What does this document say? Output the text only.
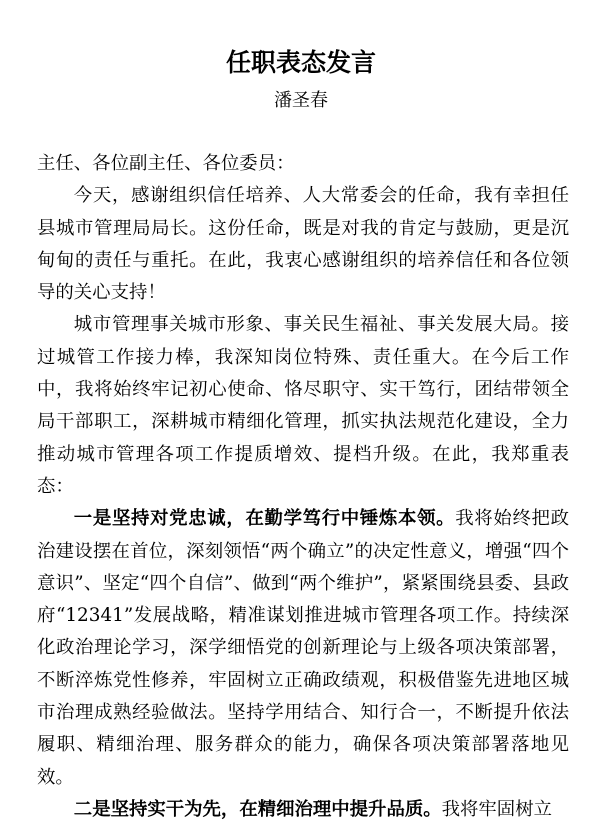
任职表态发言
潘圣春

主任、各位副主任、各位委员：

今天，感谢组织信任培养、人大常委会的任命，我有幸担任县城市管理局局长。这份任命，既是对我的肯定与鼓励，更是沉甸甸的责任与重托。在此，我衷心感谢组织的培养信任和各位领导的关心支持！

城市管理事关城市形象、事关民生福祉、事关发展大局。接过城管工作接力棒，我深知岗位特殊、责任重大。在今后工作中，我将始终牢记初心使命、恪尽职守、实干笃行，团结带领全局干部职工，深耕城市精细化管理，抓实执法规范化建设，全力推动城市管理各项工作提质增效、提档升级。在此，我郑重表态：

一是坚持对党忠诚，在勤学笃行中锤炼本领。我将始终把政治建设摆在首位，深刻领悟“两个确立”的决定性意义，增强“四个意识”、坚定“四个自信”、做到“两个维护”，紧紧围绕县委、县政府“12341”发展战略，精准谋划推进城市管理各项工作。持续深化政治理论学习，深学细悟党的创新理论与上级各项决策部署，不断淬炼党性修养，牢固树立正确政绩观，积极借鉴先进地区城市治理成熟经验做法。坚持学用结合、知行合一，不断提升依法履职、精细治理、服务群众的能力，确保各项决策部署落地见效。

二是坚持实干为先，在精细治理中提升品质。我将牢固树立
